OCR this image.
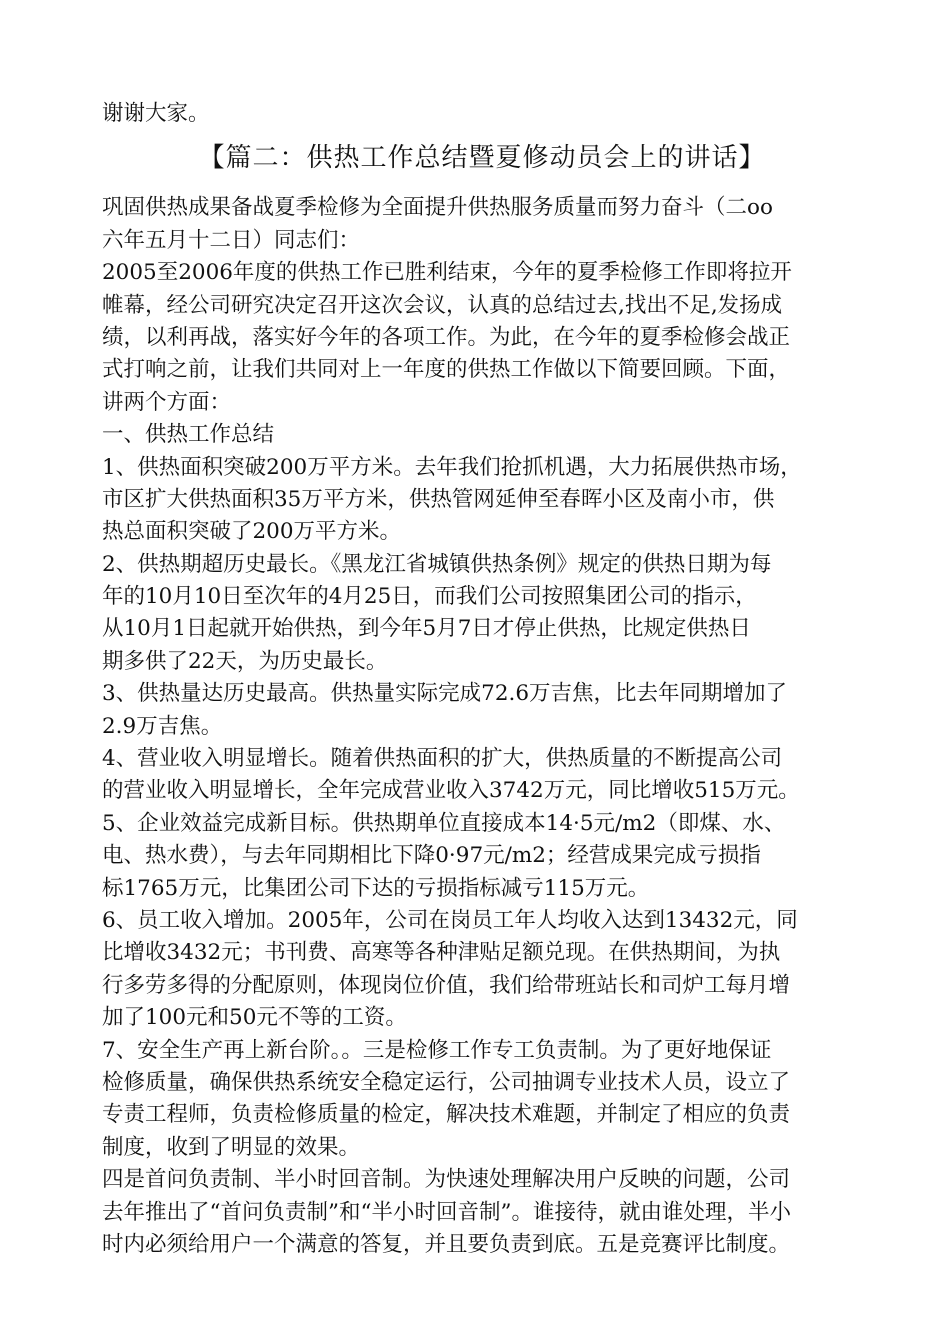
谢谢大家。
【篇二：供热工作总结暨夏修动员会上的讲话】
巩固供热成果备战夏季检修为全面提升供热服务质量而努力奋斗（二oo
六年五月十二日）同志们：
2005至2006年度的供热工作已胜利结束，今年的夏季检修工作即将拉开
帷幕，经公司研究决定召开这次会议，认真的总结过去,找出不足,发扬成
绩，以利再战，落实好今年的各项工作。为此，在今年的夏季检修会战正
式打响之前，让我们共同对上一年度的供热工作做以下简要回顾。下面，
讲两个方面：
一、供热工作总结
1、供热面积突破200万平方米。去年我们抢抓机遇，大力拓展供热市场，
市区扩大供热面积35万平方米，供热管网延伸至春晖小区及南小市，供
热总面积突破了200万平方米。
2、供热期超历史最长。《黑龙江省城镇供热条例》规定的供热日期为每
年的10月10日至次年的4月25日，而我们公司按照集团公司的指示，
从10月1日起就开始供热，到今年5月7日才停止供热，比规定供热日
期多供了22天，为历史最长。
3、供热量达历史最高。供热量实际完成72.6万吉焦，比去年同期增加了
2.9万吉焦。
4、营业收入明显增长。随着供热面积的扩大，供热质量的不断提高公司
的营业收入明显增长，全年完成营业收入3742万元，同比增收515万元。
5、企业效益完成新目标。供热期单位直接成本14·5元/m2（即煤、水、
电、热水费），与去年同期相比下降0·97元/m2；经营成果完成亏损指
标1765万元，比集团公司下达的亏损指标减亏115万元。
6、员工收入增加。2005年，公司在岗员工年人均收入达到13432元，同
比增收3432元；书刊费、高寒等各种津贴足额兑现。在供热期间，为执
行多劳多得的分配原则，体现岗位价值，我们给带班站长和司炉工每月增
加了100元和50元不等的工资。
7、安全生产再上新台阶。。三是检修工作专工负责制。为了更好地保证
检修质量，确保供热系统安全稳定运行，公司抽调专业技术人员，设立了
专责工程师，负责检修质量的检定，解决技术难题，并制定了相应的负责
制度，收到了明显的效果。
四是首问负责制、半小时回音制。为快速处理解决用户反映的问题，公司
去年推出了“首问负责制”和“半小时回音制”。谁接待，就由谁处理，半小
时内必须给用户一个满意的答复，并且要负责到底。五是竞赛评比制度。
